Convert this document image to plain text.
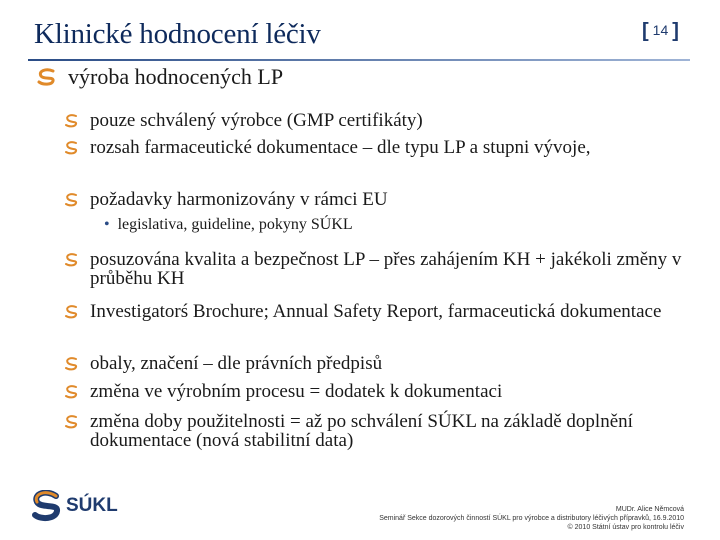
Klinické hodnocení léčiv	[ 14 ]
výroba hodnocených LP
pouze schválený výrobce (GMP certifikáty)
rozsah farmaceutické dokumentace – dle typu LP a stupni vývoje,
požadavky harmonizovány v rámci EU
• legislativa, guideline, pokyny SÚKL
posuzována kvalita a bezpečnost LP – přes zahájením KH + jakékoli změny v průběhu KH
Investigatorś Brochure; Annual Safety Report, farmaceutická dokumentace
obaly, značení – dle právních předpisů
změna ve výrobním procesu = dodatek k dokumentaci
změna doby použitelnosti = až po schválení SÚKL na základě doplnění dokumentace (nová stabilitní data)
SÚKL	MUDr. Alice Němcová
Seminář Sekce dozorových činností SÚKL pro výrobce a distributory léčivých přípravků, 16.9.2010
© 2010 Státní ústav pro kontrolu léčiv
